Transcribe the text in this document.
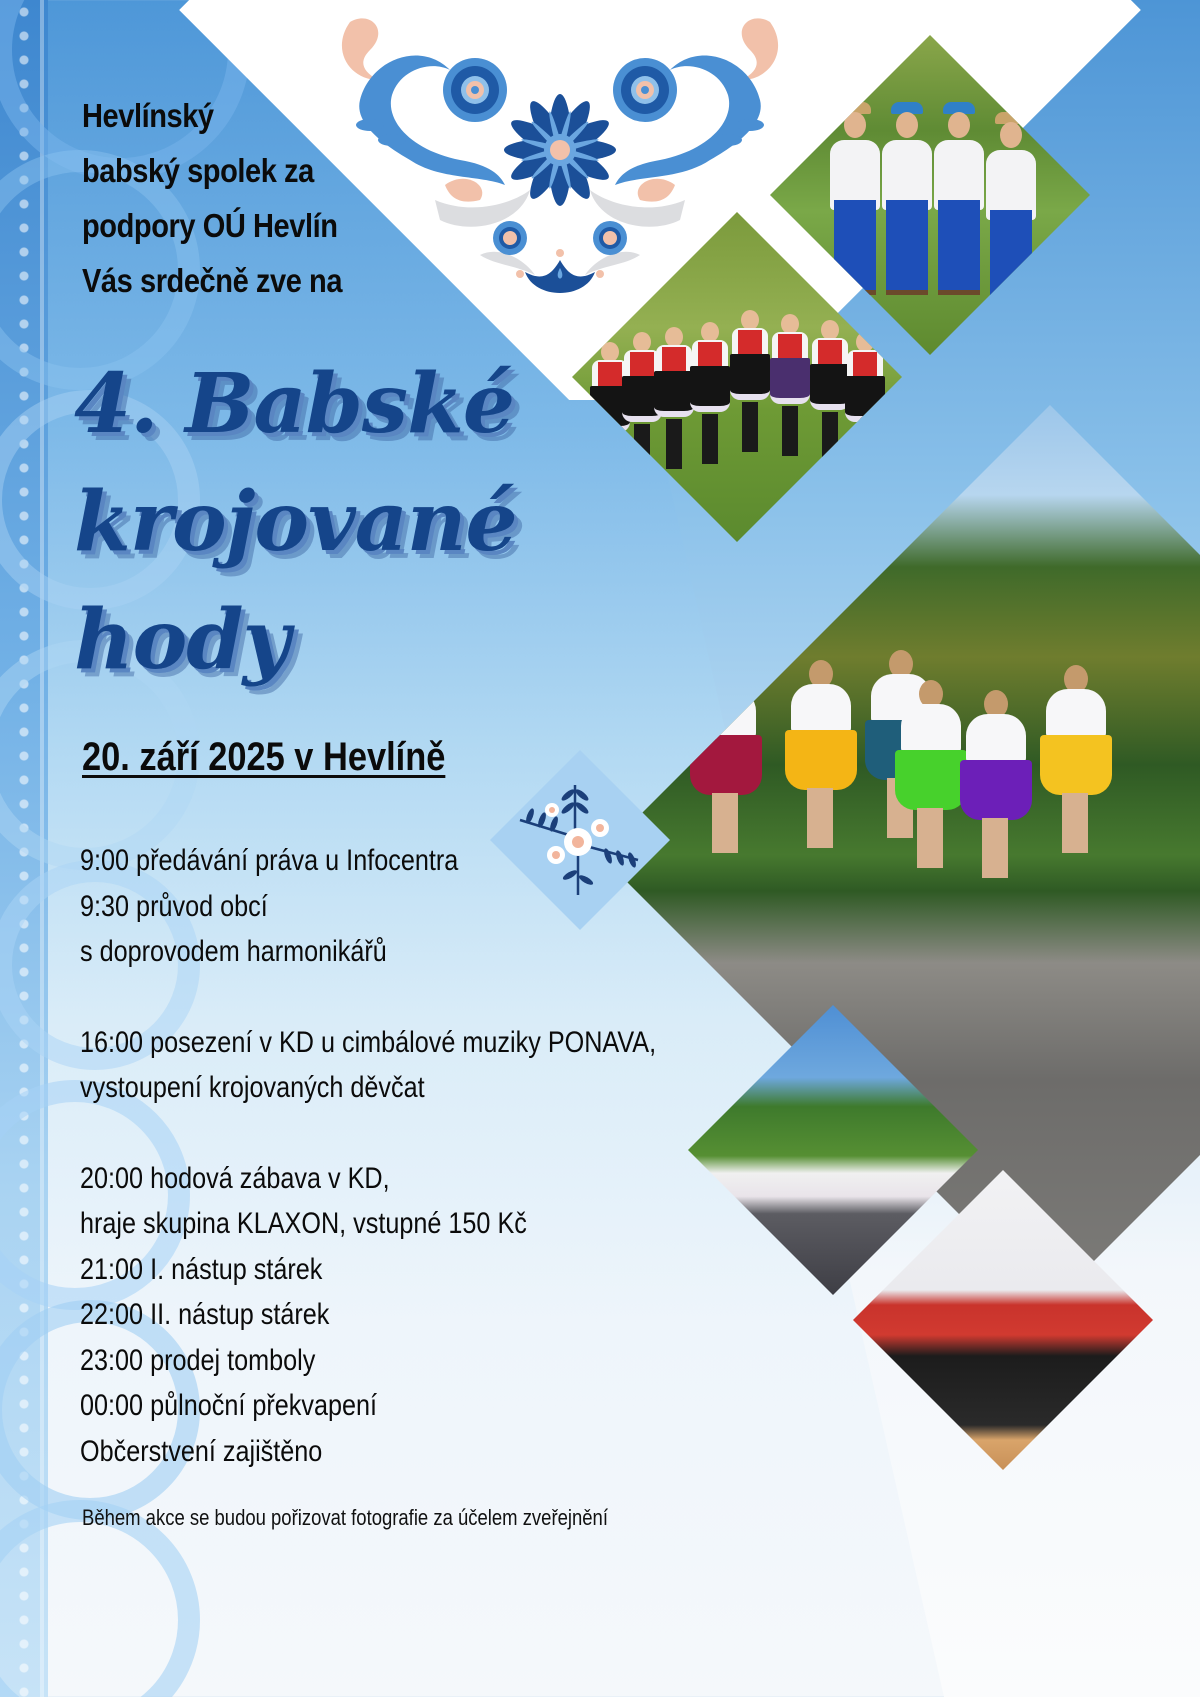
Hevlínský
babský spolek za
podpory OÚ Hevlín
Vás srdečně zve na
4. Babské
krojované
hody
20. září 2025 v Hevlíně
9:00 předávání práva u Infocentra
9:30 průvod obcí
s doprovodem harmonikářů
16:00 posezení v KD u cimbálové muziky PONAVA,
vystoupení krojovaných děvčat
20:00 hodová zábava v KD,
hraje skupina KLAXON, vstupné 150 Kč
21:00 I. nástup stárek
22:00 II. nástup stárek
23:00 prodej tomboly
00:00 půlnoční překvapení
Občerstvení zajištěno
Během akce se budou pořizovat fotografie za účelem zveřejnění
